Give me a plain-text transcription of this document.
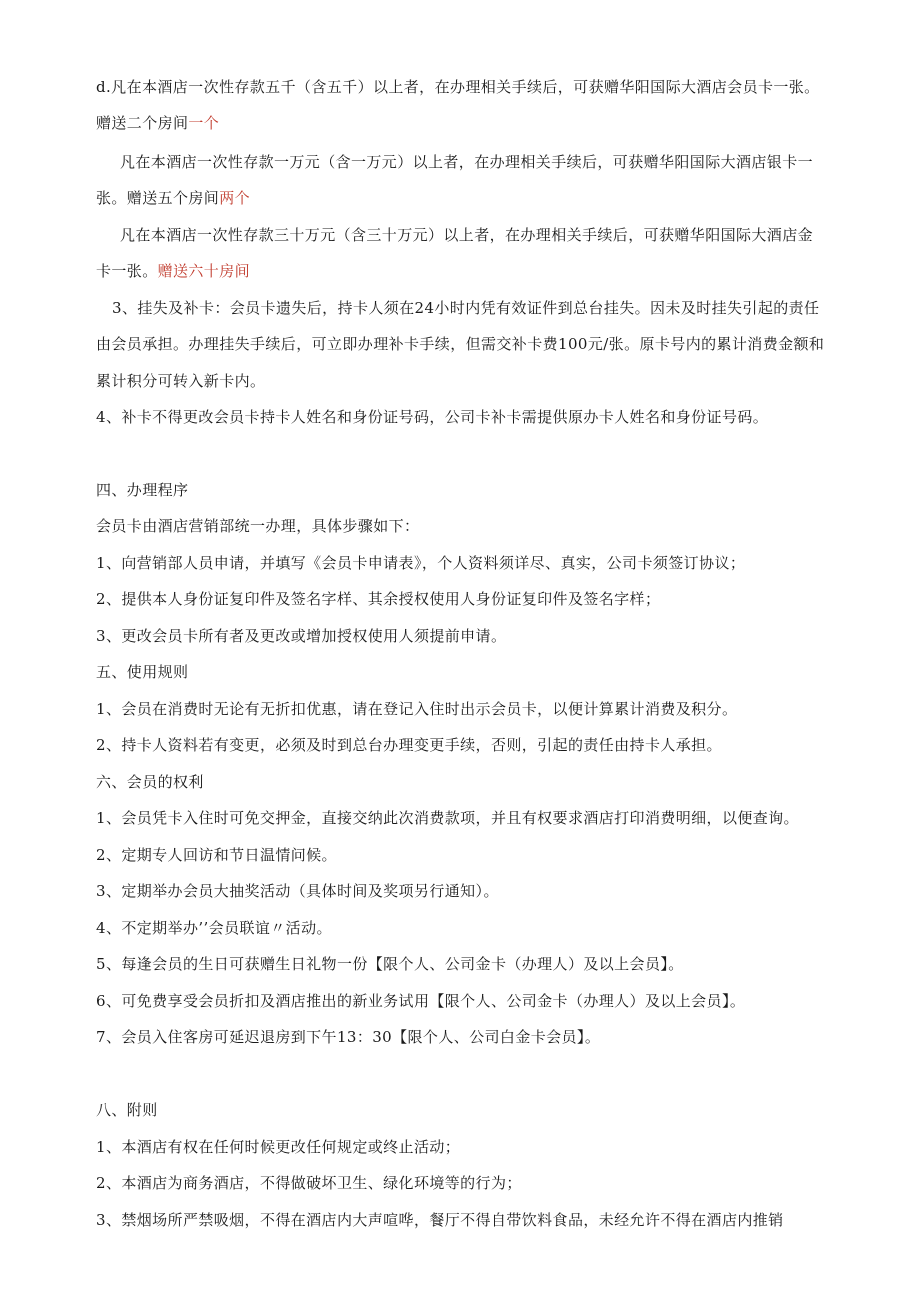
d.凡在本酒店一次性存款五千（含五千）以上者，在办理相关手续后，可获赠华阳国际大酒店会员卡一张。
赠送二个房间一个
凡在本酒店一次性存款一万元（含一万元）以上者，在办理相关手续后，可获赠华阳国际大酒店银卡一
张。赠送五个房间两个
凡在本酒店一次性存款三十万元（含三十万元）以上者，在办理相关手续后，可获赠华阳国际大酒店金
卡一张。赠送六十房间
3、挂失及补卡：会员卡遗失后，持卡人须在24小时内凭有效证件到总台挂失。因未及时挂失引起的责任
由会员承担。办理挂失手续后，可立即办理补卡手续，但需交补卡费100元/张。原卡号内的累计消费金额和
累计积分可转入新卡内。
4、补卡不得更改会员卡持卡人姓名和身份证号码，公司卡补卡需提供原办卡人姓名和身份证号码。
四、办理程序
会员卡由酒店营销部统一办理，具体步骤如下：
1、向营销部人员申请，并填写《会员卡申请表》，个人资料须详尽、真实，公司卡须签订协议；
2、提供本人身份证复印件及签名字样、其余授权使用人身份证复印件及签名字样；
3、更改会员卡所有者及更改或增加授权使用人须提前申请。
五、使用规则
1、会员在消费时无论有无折扣优惠，请在登记入住时出示会员卡，以便计算累计消费及积分。
2、持卡人资料若有变更，必须及时到总台办理变更手续，否则，引起的责任由持卡人承担。
六、会员的权利
1、会员凭卡入住时可免交押金，直接交纳此次消费款项，并且有权要求酒店打印消费明细，以便查询。
2、定期专人回访和节日温情问候。
3、定期举办会员大抽奖活动（具体时间及奖项另行通知）。
4、不定期举办’’会员联谊〃活动。
5、每逢会员的生日可获赠生日礼物一份【限个人、公司金卡（办理人）及以上会员】。
6、可免费享受会员折扣及酒店推出的新业务试用【限个人、公司金卡（办理人）及以上会员】。
7、会员入住客房可延迟退房到下午13：30【限个人、公司白金卡会员】。
八、附则
1、本酒店有权在任何时候更改任何规定或终止活动；
2、本酒店为商务酒店，不得做破坏卫生、绿化环境等的行为；
3、禁烟场所严禁吸烟，不得在酒店内大声喧哗，餐厅不得自带饮料食品，未经允许不得在酒店内推销
